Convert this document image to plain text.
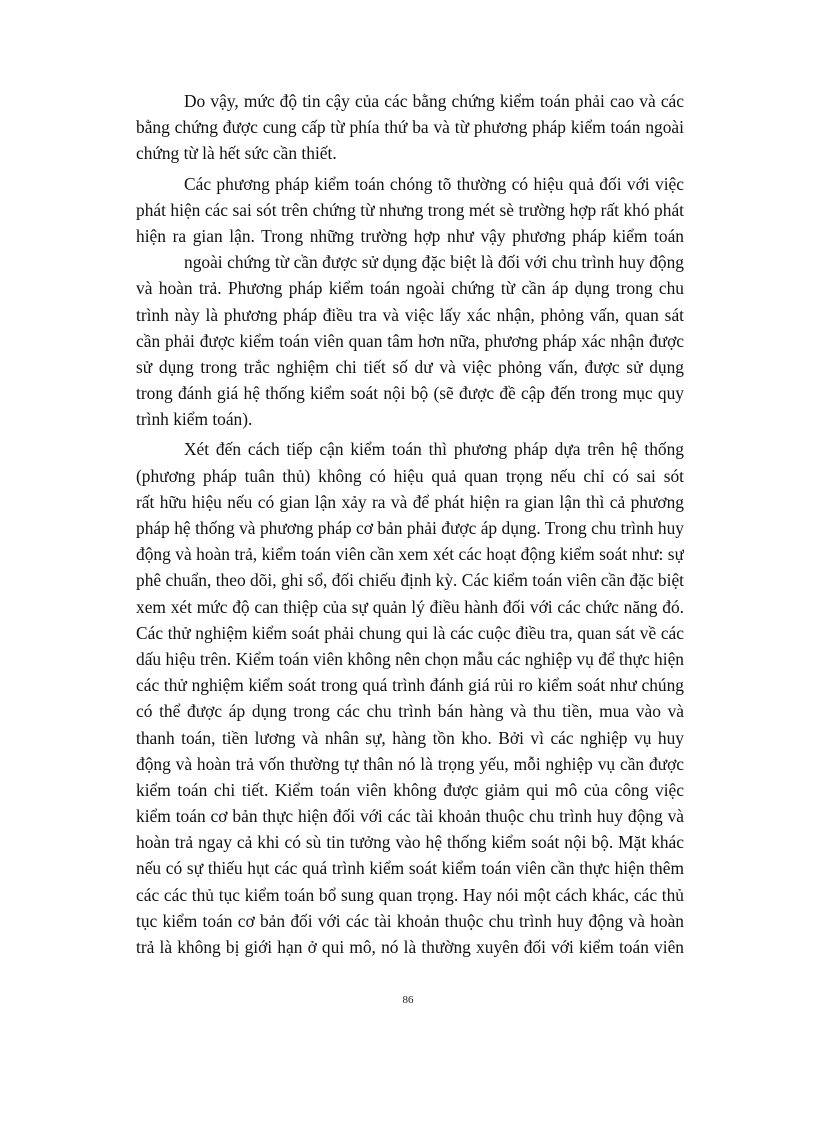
Do vậy, mức độ tin cậy của các bằng chứng kiểm toán phải cao và các
bằng chứng được cung cấp từ phía thứ ba và từ phương pháp kiểm toán ngoài
chứng từ là hết sức cần thiết.
Các phương pháp kiểm toán chóng tõ thường có hiệu quả đối với việc
phát hiện các sai sót trên chứng từ nhưng trong mét sè trường hợp rất khó phát
hiện ra gian lận. Trong những trường hợp như vậy phương pháp kiểm toán
ngoài chứng từ cần được sử dụng đặc biệt là đối với chu trình huy động
và hoàn trả. Phương pháp kiểm toán ngoài chứng từ cần áp dụng trong chu
trình này là phương pháp điều tra và việc lấy xác nhận, phỏng vấn, quan sát
cần phải được kiểm toán viên quan tâm hơn nữa, phương pháp xác nhận được
sử dụng trong trắc nghiệm chi tiết số dư và việc phỏng vấn, được sử dụng
trong đánh giá hệ thống kiểm soát nội bộ (sẽ được đề cập đến trong mục quy
trình kiểm toán).
Xét đến cách tiếp cận kiểm toán thì phương pháp dựa trên hệ thống
(phương pháp tuân thủ) không có hiệu quả quan trọng nếu chỉ có sai sót
rất hữu hiệu nếu có gian lận xảy ra và để phát hiện ra gian lận thì cả phương
pháp hệ thống và phương pháp cơ bản phải được áp dụng. Trong chu trình huy
động và hoàn trả, kiểm toán viên cần xem xét các hoạt động kiểm soát như: sự
phê chuẩn, theo dõi, ghi sổ, đối chiếu định kỳ. Các kiểm toán viên cần đặc biệt
xem xét mức độ can thiệp của sự quản lý điều hành đối với các chức năng đó.
Các thử nghiệm kiểm soát phải chung qui là các cuộc điều tra, quan sát về các
dấu hiệu trên. Kiểm toán viên không nên chọn mẫu các nghiệp vụ để thực hiện
các thử nghiệm kiểm soát trong quá trình đánh giá rủi ro kiểm soát như chúng
có thể được áp dụng trong các chu trình bán hàng và thu tiền, mua vào và
thanh toán, tiền lương và nhân sự, hàng tồn kho. Bởi vì các nghiệp vụ huy
động và hoàn trả vốn thường tự thân nó là trọng yếu, mỗi nghiệp vụ cần được
kiểm toán chi tiết. Kiểm toán viên không được giảm qui mô của công việc
kiểm toán cơ bản thực hiện đối với các tài khoản thuộc chu trình huy động và
hoàn trả ngay cả khi có sù tin tưởng vào hệ thống kiểm soát nội bộ. Mặt khác
nếu có sự thiếu hụt các quá trình kiểm soát kiểm toán viên cần thực hiện thêm
các các thủ tục kiểm toán bổ sung quan trọng. Hay nói một cách khác, các thủ
tục kiểm toán cơ bản đối với các tài khoản thuộc chu trình huy động và hoàn
trả là không bị giới hạn ở qui mô, nó là thường xuyên đối với kiểm toán viên
86
